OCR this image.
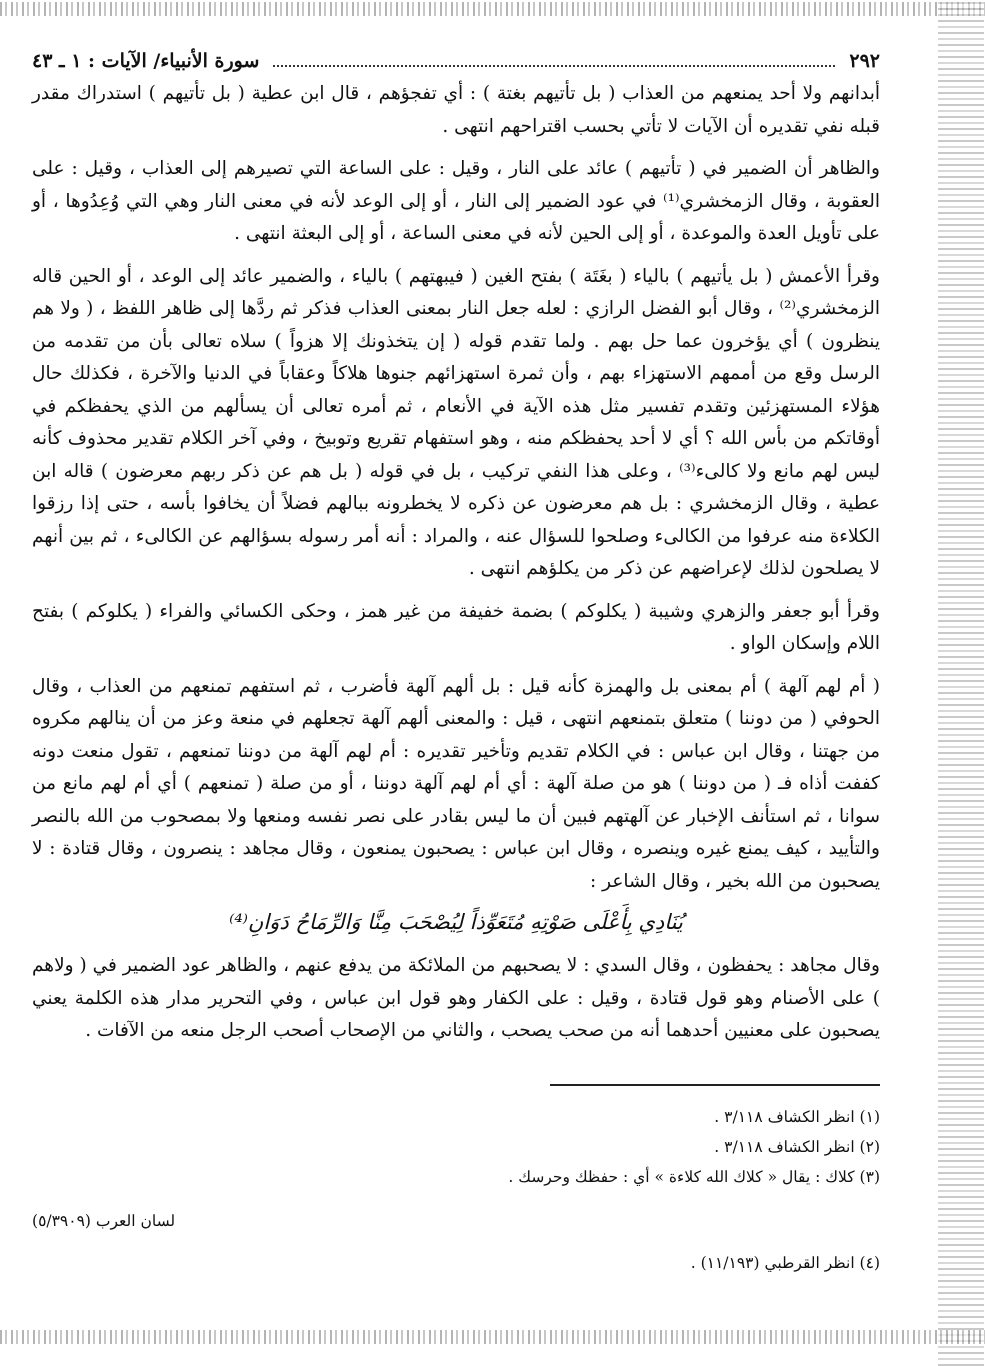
٢٩٢
سورة الأنبياء/ الآيات : ١ ـ ٤٣

أبدانهم ولا أحد يمنعهم من العذاب ( بل تأتيهم بغتة ) : أي تفجؤهم ، قال ابن عطية ( بل تأتيهم ) استدراك مقدر قبله نفي تقديره أن الآيات لا تأتي بحسب اقتراحهم انتهى .

والظاهر أن الضمير في ( تأتيهم ) عائد على النار ، وقيل : على الساعة التي تصيرهم إلى العذاب ، وقيل : على العقوبة ، وقال الزمخشري⁽¹⁾ في عود الضمير إلى النار ، أو إلى الوعد لأنه في معنى النار وهي التي وُعِدُوها ، أو على تأويل العدة والموعدة ، أو إلى الحين لأنه في معنى الساعة ، أو إلى البعثة انتهى .

وقرأ الأعمش ( بل يأتيهم ) بالياء ( بغَتَة ) بفتح الغين ( فيبهتهم ) بالياء ، والضمير عائد إلى الوعد ، أو الحين قاله الزمخشري⁽²⁾ ، وقال أبو الفضل الرازي : لعله جعل النار بمعنى العذاب فذكر ثم ردَّها إلى ظاهر اللفظ ، ( ولا هم ينظرون ) أي يؤخرون عما حل بهم . ولما تقدم قوله ( إن يتخذونك إلا هزواً ) سلاه تعالى بأن من تقدمه من الرسل وقع من أممهم الاستهزاء بهم ، وأن ثمرة استهزائهم جنوها هلاكاً وعقاباً في الدنيا والآخرة ، فكذلك حال هؤلاء المستهزئين وتقدم تفسير مثل هذه الآية في الأنعام ، ثم أمره تعالى أن يسألهم من الذي يحفظكم في أوقاتكم من بأس الله ؟ أي لا أحد يحفظكم منه ، وهو استفهام تقريع وتوبيخ ، وفي آخر الكلام تقدير محذوف كأنه ليس لهم مانع ولا كالىء⁽³⁾ ، وعلى هذا النفي تركيب ، بل في قوله ( بل هم عن ذكر ربهم معرضون ) قاله ابن عطية ، وقال الزمخشري : بل هم معرضون عن ذكره لا يخطرونه ببالهم فضلاً أن يخافوا بأسه ، حتى إذا رزقوا الكلاءة منه عرفوا من الكالىء وصلحوا للسؤال عنه ، والمراد : أنه أمر رسوله بسؤالهم عن الكالىء ، ثم بين أنهم لا يصلحون لذلك لإعراضهم عن ذكر من يكلؤهم انتهى .

وقرأ أبو جعفر والزهري وشيبة ( يكلوكم ) بضمة خفيفة من غير همز ، وحكى الكسائي والفراء ( يكلوكم ) بفتح اللام وإسكان الواو .

( أم لهم آلهة ) أم بمعنى بل والهمزة كأنه قيل : بل ألهم آلهة فأضرب ، ثم استفهم تمنعهم من العذاب ، وقال الحوفي ( من دوننا ) متعلق بتمنعهم انتهى ، قيل : والمعنى ألهم آلهة تجعلهم في منعة وعز من أن ينالهم مكروه من جهتنا ، وقال ابن عباس : في الكلام تقديم وتأخير تقديره : أم لهم آلهة من دوننا تمنعهم ، تقول منعت دونه كففت أذاه فـ ( من دوننا ) هو من صلة آلهة : أي أم لهم آلهة دوننا ، أو من صلة ( تمنعهم ) أي أم لهم مانع من سوانا ، ثم استأنف الإخبار عن آلهتهم فبين أن ما ليس بقادر على نصر نفسه ومنعها ولا بمصحوب من الله بالنصر والتأييد ، كيف يمنع غيره وينصره ، وقال ابن عباس : يصحبون يمنعون ، وقال مجاهد : ينصرون ، وقال قتادة : لا يصحبون من الله بخير ، وقال الشاعر :

يُنَادِي بِأَعْلَى صَوْتِهِ مُتَعَوِّذاً لِيُصْحَبَ مِنَّا وَالرِّمَاحُ دَوَانِ⁽⁴⁾

وقال مجاهد : يحفظون ، وقال السدي : لا يصحبهم من الملائكة من يدفع عنهم ، والظاهر عود الضمير في ( ولاهم ) على الأصنام وهو قول قتادة ، وقيل : على الكفار وهو قول ابن عباس ، وفي التحرير مدار هذه الكلمة يعني يصحبون على معنيين أحدهما أنه من صحب يصحب ، والثاني من الإصحاب أصحب الرجل منعه من الآفات .

(١) انظر الكشاف ٣/١١٨ .

(٢) انظر الكشاف ٣/١١٨ .

(٣) كلاك : يقال « كلاك الله كلاءة » أي : حفظك وحرسك .

لسان العرب (٥/٣٩٠٩)

(٤) انظر القرطبي (١١/١٩٣) .
